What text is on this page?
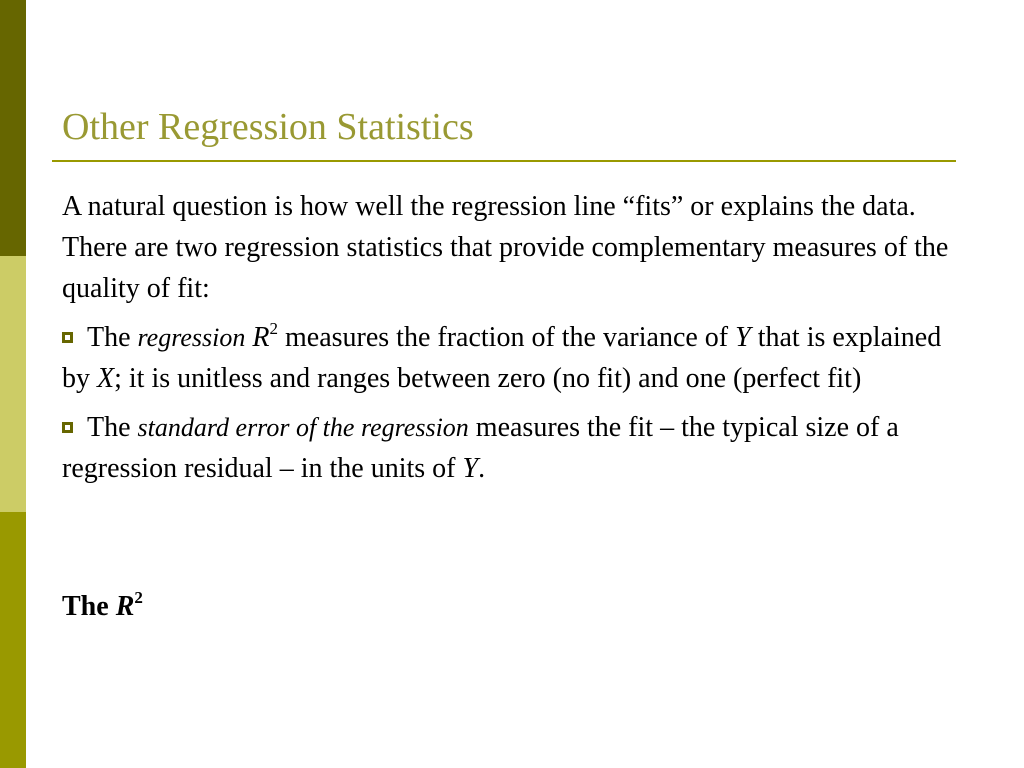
Other Regression Statistics

A natural question is how well the regression line “fits” or explains the data. There are two regression statistics that provide complementary measures of the quality of fit:

The regression $R^2$ measures the fraction of the variance of Y that is explained by X; it is unitless and ranges between zero (no fit) and one (perfect fit)

The standard error of the regression measures the fit – the typical size of a regression residual – in the units of Y.

The $R^2$
